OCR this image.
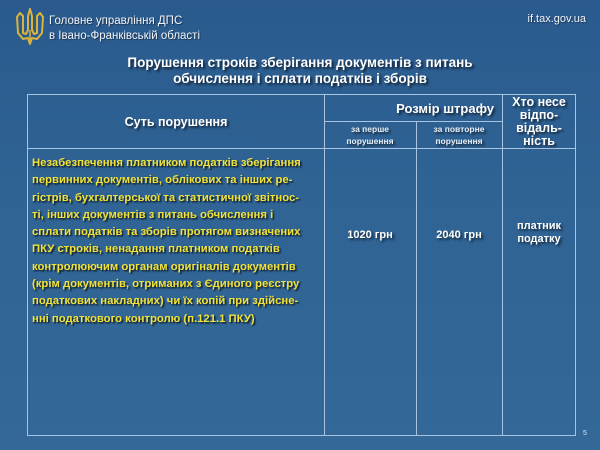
Головне управління ДПС
в Івано-Франківській області
if.tax.gov.ua
Порушення строків зберігання документів з питань
обчислення і сплати податків і зборів
Суть порушення
Розмір штрафу
за перше
порушення
за повторне
порушення
Хто несе
відпо-
відаль-
ність
Незабезпечення платником податків зберігання
первинних документів, облікових та інших ре-
гістрів, бухгалтерської та статистичної звітнос-
ті, інших документів з питань обчислення і
сплати податків та зборів протягом визначених
ПКУ строків, ненадання платником податків
контролюючим органам оригіналів документів
(крім документів, отриманих з Єдиного реєстру
податкових накладних) чи їх копій при здійсне-
нні податкового контролю (п.121.1 ПКУ)
1020 грн	2040 грн
платник
податку
5
